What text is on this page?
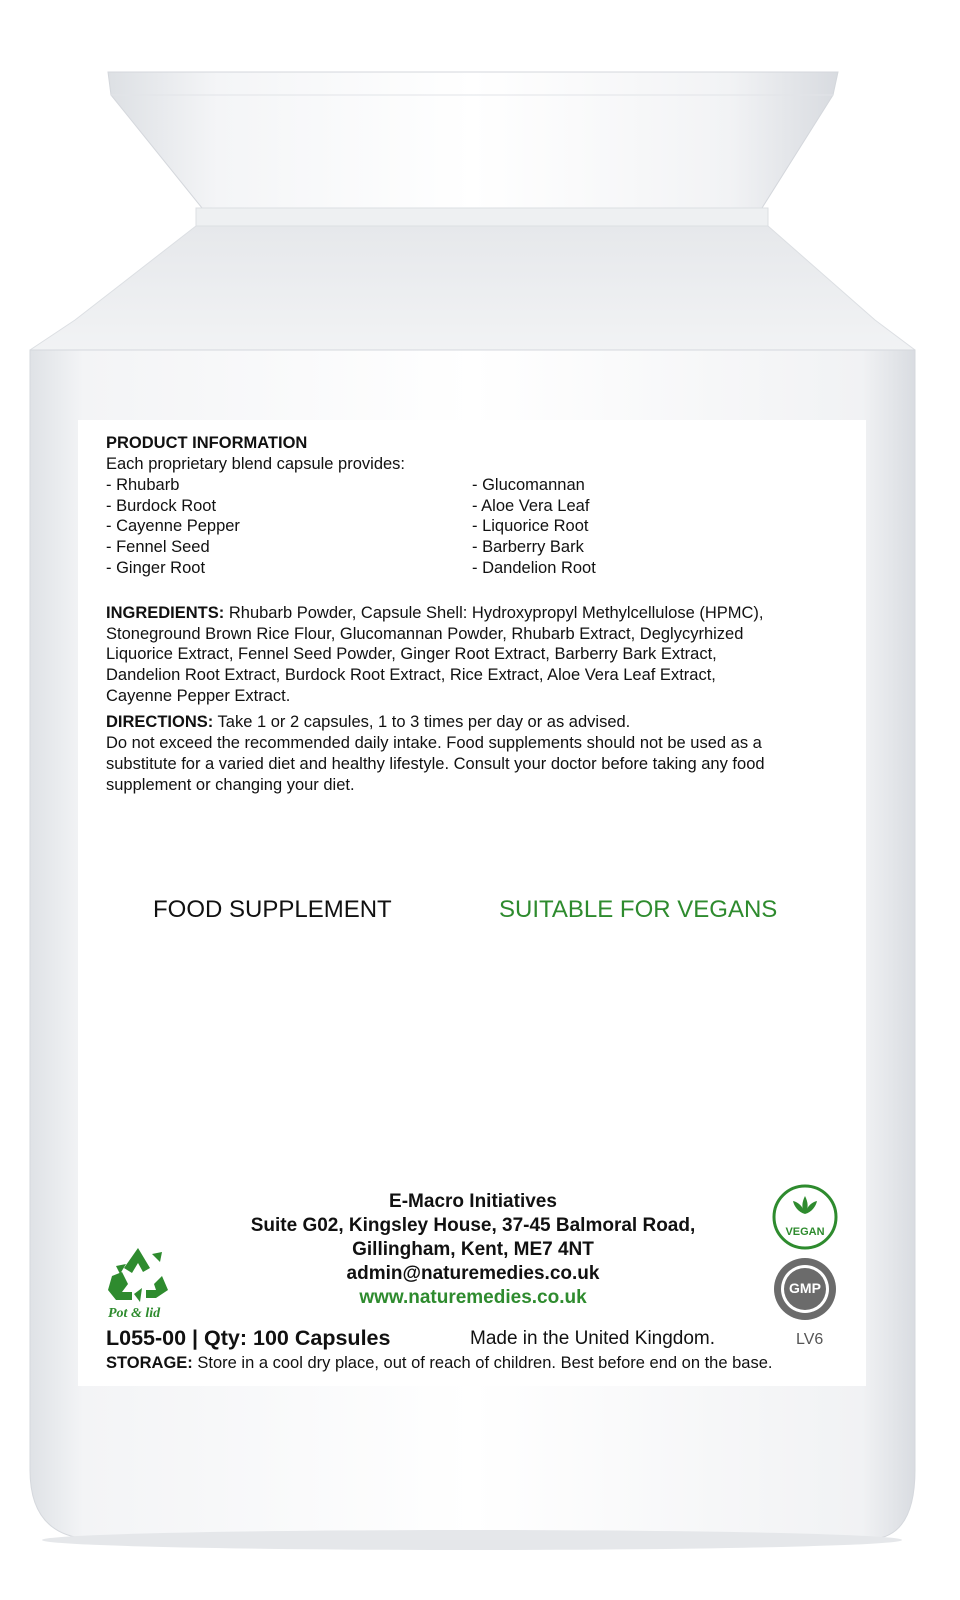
PRODUCT INFORMATION
Each proprietary blend capsule provides:
- Rhubarb
- Burdock Root
- Cayenne Pepper
- Fennel Seed
- Ginger Root
- Glucomannan
- Aloe Vera Leaf
- Liquorice Root
- Barberry Bark
- Dandelion Root
INGREDIENTS: Rhubarb Powder, Capsule Shell: Hydroxypropyl Methylcellulose (HPMC),
Stoneground Brown Rice Flour, Glucomannan Powder, Rhubarb Extract, Deglycyrhized
Liquorice Extract, Fennel Seed Powder, Ginger Root Extract, Barberry Bark Extract,
Dandelion Root Extract, Burdock Root Extract, Rice Extract, Aloe Vera Leaf Extract,
Cayenne Pepper Extract.
DIRECTIONS: Take 1 or 2 capsules, 1 to 3 times per day or as advised.
Do not exceed the recommended daily intake. Food supplements should not be used as a
substitute for a varied diet and healthy lifestyle. Consult your doctor before taking any food
supplement or changing your diet.
FOOD SUPPLEMENT	SUITABLE FOR VEGANS
E-Macro Initiatives
Suite G02, Kingsley House, 37-45 Balmoral Road,
Gillingham, Kent, ME7 4NT
admin@naturemedies.co.uk
www.naturemedies.co.uk
Pot & lid
VEGAN
GMP
L055-00 | Qty: 100 Capsules	Made in the United Kingdom.	LV6
STORAGE: Store in a cool dry place, out of reach of children. Best before end on the base.
